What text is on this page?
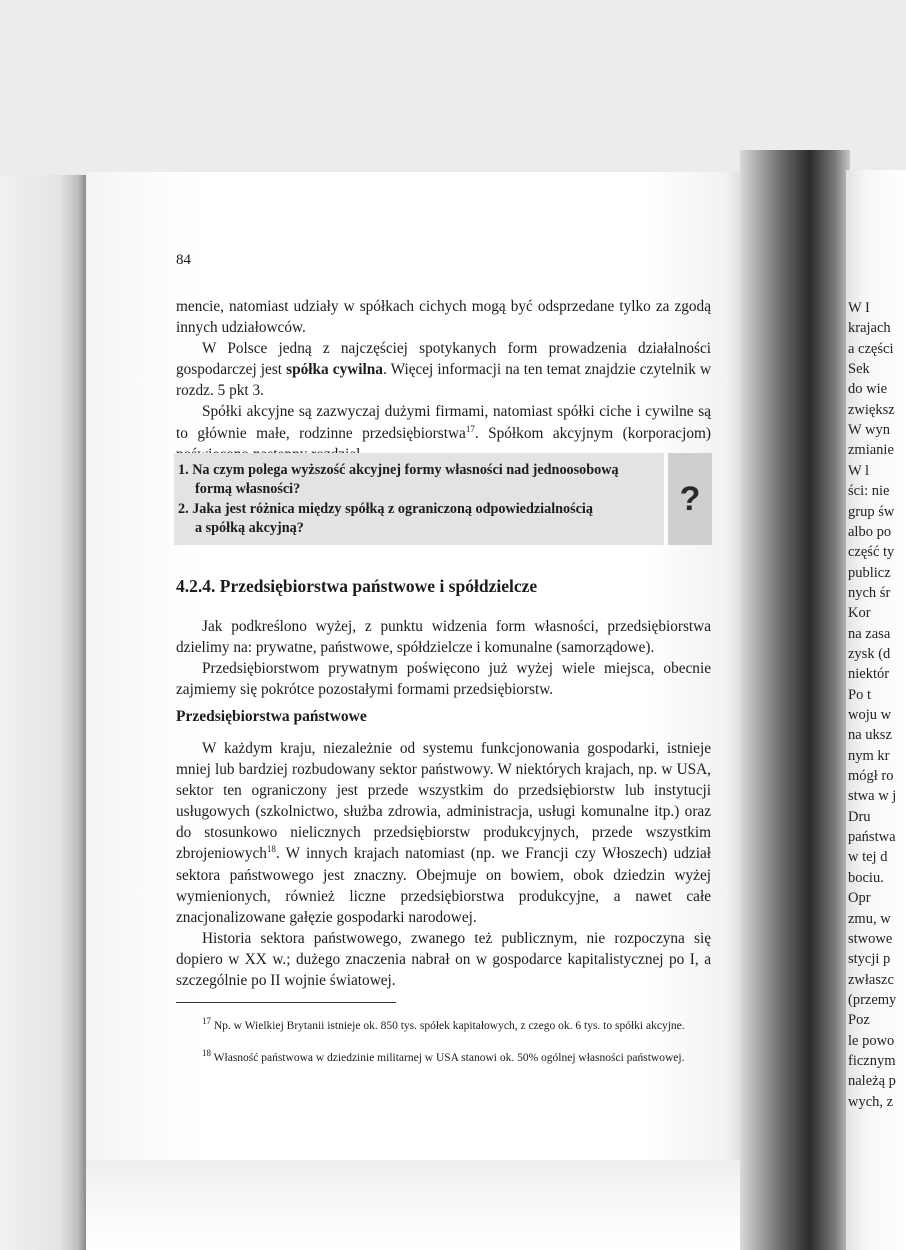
W I
krajach
a części
Sek
do wie
zwiększ
W wyn
zmianie
W l
ści: nie
grup św
albo po
część ty
publicz
nych śr
Kor
na zasa
zysk (d
niektór
Po t
woju w
na uksz
nym kr
mógł ro
stwa w j
Dru
państwa
w tej d
bociu.
Opr
zmu, w
stwowe
stycji p
zwłaszc
(przemy
Poz
le powo
ficznym
należą p
wych, z
84

mencie, natomiast udziały w spółkach cichych mogą być odsprzedane tylko za zgodą innych udziałowców.

W Polsce jedną z najczęściej spotykanych form prowadzenia działalności gospodarczej jest spółka cywilna. Więcej informacji na ten temat znajdzie czytelnik w rozdz. 5 pkt 3.

Spółki akcyjne są zazwyczaj dużymi firmami, natomiast spółki ciche i cywilne są to głównie małe, rodzinne przedsiębiorstwa$^{17}$. Spółkom akcyjnym (korporacjom)

1. Na czym polega wyższość akcyjnej formy własności nad jednoosobową
formą własności?
2. Jaka jest różnica między spółką z ograniczoną odpowiedzialnością
a spółką akcyjną?
?
4.2.4. Przedsiębiorstwa państwowe i spółdzielcze

Jak podkreślono wyżej, z punktu widzenia form własności, przedsiębiorstwa dzielimy na: prywatne, państwowe, spółdzielcze i komunalne (samorządowe).

Przedsiębiorstwom prywatnym poświęcono już wyżej wiele miejsca, obecnie zajmiemy się pokrótce pozostałymi formami przedsiębiorstw.

Przedsiębiorstwa państwowe

W każdym kraju, niezależnie od systemu funkcjonowania gospodarki, istnieje mniej lub bardziej rozbudowany sektor państwowy. W niektórych krajach, np. w USA, sektor ten ograniczony jest przede wszystkim do przedsiębiorstw lub instytucji usługowych (szkolnictwo, służba zdrowia, administracja, usługi komunalne itp.) oraz do stosunkowo nielicznych przedsiębiorstw produkcyjnych, przede wszystkim zbrojeniowych$^{18}$. W innych krajach natomiast (np. we Francji czy Włoszech) udział sektora państwowego jest znaczny. Obejmuje on bowiem, obok dziedzin wyżej wymienionych, również liczne przedsiębiorstwa produkcyjne, a nawet całe znacjonalizowane gałęzie gospodarki narodowej.

Historia sektora państwowego, zwanego też publicznym, nie rozpoczyna się dopiero w XX w.; dużego znaczenia nabrał on w gospodarce kapitalistycznej po I, a szczególnie po II wojnie światowej.

$^{17}$ Np. w Wielkiej Brytanii istnieje ok. 850 tys. spółek kapitałowych, z czego ok. 6 tys. to spółki akcyjne.
$^{18}$ Własność państwowa w dziedzinie militarnej w USA stanowi ok. 50% ogólnej własności państwowej.
